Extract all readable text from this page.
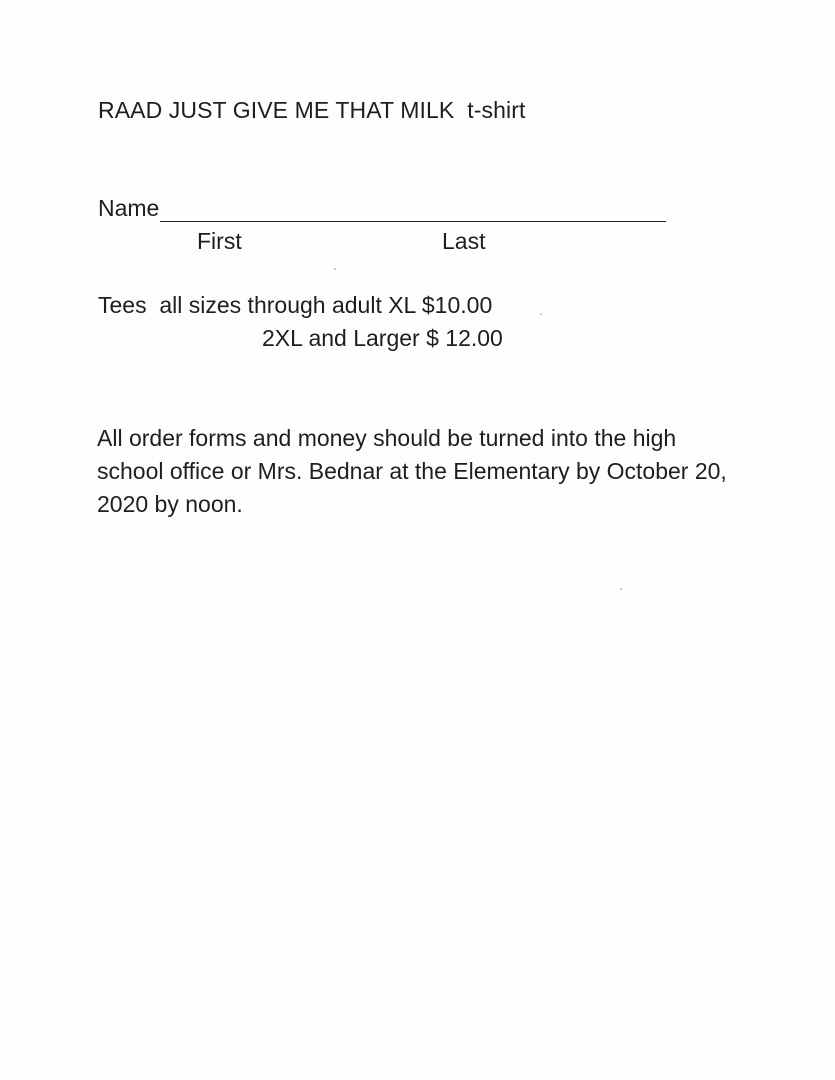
RAAD JUST GIVE ME THAT MILK  t-shirt
Name
First	Last
Tees  all sizes through adult XL $10.00
2XL and Larger $ 12.00
All order forms and money should be turned into the high school office or Mrs. Bednar at the Elementary by October 20, 2020 by noon.
